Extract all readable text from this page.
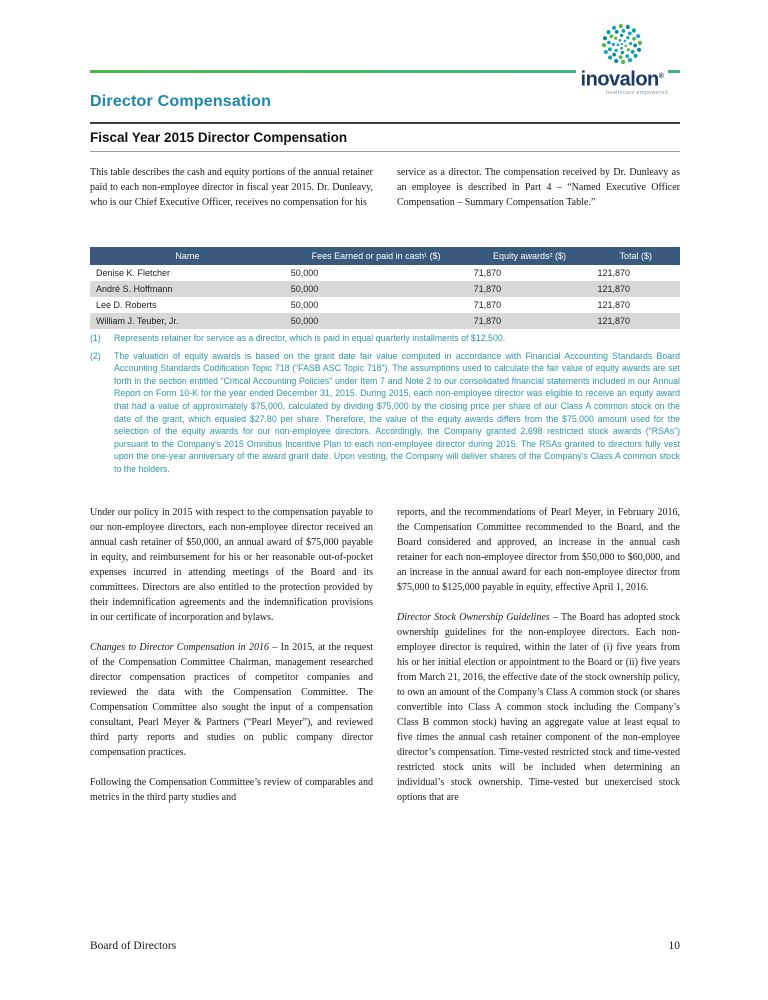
inovalon®
healthcare empowered
Director Compensation
Fiscal Year 2015 Director Compensation
This table describes the cash and equity portions of the annual retainer paid to each non-employee director in fiscal year 2015. Dr. Dunleavy, who is our Chief Executive Officer, receives no compensation for his
service as a director. The compensation received by Dr. Dunleavy as an employee is described in Part 4 – “Named Executive Officer Compensation – Summary Compensation Table.”
Name	Fees Earned or paid in cash¹ ($)	Equity awards² ($)	Total ($)
Denise K. Fletcher	50,000	71,870	121,870
André S. Hoffmann	50,000	71,870	121,870
Lee D. Roberts	50,000	71,870	121,870
William J. Teuber, Jr.	50,000	71,870	121,870
(1)	Represents retainer for service as a director, which is paid in equal quarterly installments of $12,500.
(2)	The valuation of equity awards is based on the grant date fair value computed in accordance with Financial Accounting Standards Board Accounting Standards Codification Topic 718 (“FASB ASC Topic 718”). The assumptions used to calculate the fair value of equity awards are set forth in the section entitled “Critical Accounting Policies” under Item 7 and Note 2 to our consolidated financial statements included in our Annual Report on Form 10-K for the year ended December 31, 2015. During 2015, each non-employee director was eligible to receive an equity award that had a value of approximately $75,000, calculated by dividing $75,000 by the closing price per share of our Class A common stock on the date of the grant, which equaled $27.80 per share. Therefore, the value of the equity awards differs from the $75,000 amount used for the selection of the equity awards for our non-employee directors. Accordingly, the Company granted 2,698 restricted stock awards (“RSAs”) pursuant to the Company’s 2015 Omnibus Incentive Plan to each non-employee director during 2015. The RSAs granted to directors fully vest upon the one-year anniversary of the award grant date. Upon vesting, the Company will deliver shares of the Company’s Class A common stock to the holders.

Under our policy in 2015 with respect to the compensation payable to our non-employee directors, each non-employee director received an annual cash retainer of $50,000, an annual award of $75,000 payable in equity, and reimbursement for his or her reasonable out-of-pocket expenses incurred in attending meetings of the Board and its committees. Directors are also entitled to the protection provided by their indemnification agreements and the indemnification provisions in our certificate of incorporation and bylaws.

Changes to Director Compensation in 2016 – In 2015, at the request of the Compensation Committee Chairman, management researched director compensation practices of competitor companies and reviewed the data with the Compensation Committee. The Compensation Committee also sought the input of a compensation consultant, Pearl Meyer & Partners (“Pearl Meyer”), and reviewed third party reports and studies on public company director compensation practices.

Following the Compensation Committee’s review of comparables and metrics in the third party studies and

reports, and the recommendations of Pearl Meyer, in February 2016, the Compensation Committee recommended to the Board, and the Board considered and approved, an increase in the annual cash retainer for each non-employee director from $50,000 to $60,000, and an increase in the annual award for each non-employee director from $75,000 to $125,000 payable in equity, effective April 1, 2016.

Director Stock Ownership Guidelines – The Board has adopted stock ownership guidelines for the non-employee directors. Each non-employee director is required, within the later of (i) five years from his or her initial election or appointment to the Board or (ii) five years from March 21, 2016, the effective date of the stock ownership policy, to own an amount of the Company’s Class A common stock (or shares convertible into Class A common stock including the Company’s Class B common stock) having an aggregate value at least equal to five times the annual cash retainer component of the non-employee director’s compensation. Time-vested restricted stock and time-vested restricted stock units will be included when determining an individual’s stock ownership. Time-vested but unexercised stock options that are

Board of Directors	10
